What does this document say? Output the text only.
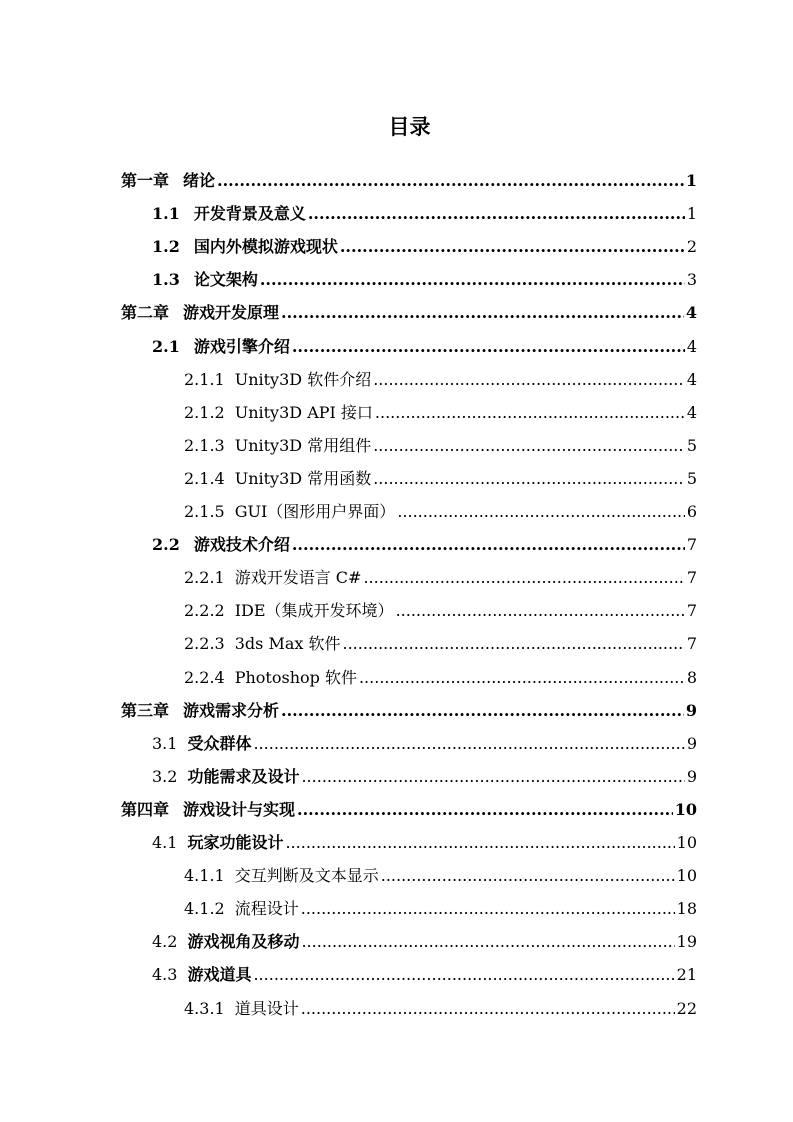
目录
第一章 绪论 .....	1
1.1 开发背景及意义 .....	1
1.2 国内外模拟游戏现状 .....	2
1.3 论文架构 .....	3
第二章 游戏开发原理 .....	4
2.1 游戏引擎介绍 .....	4
2.1.1 Unity3D 软件介绍 .....	4
2.1.2 Unity3D API 接口 .....	4
2.1.3 Unity3D 常用组件 .....	5
2.1.4 Unity3D 常用函数 .....	5
2.1.5 GUI（图形用户界面） .....	6
2.2 游戏技术介绍 .....	7
2.2.1 游戏开发语言 C# .....	7
2.2.2 IDE（集成开发环境） .....	7
2.2.3 3ds Max 软件 .....	7
2.2.4 Photoshop 软件 .....	8
第三章 游戏需求分析 .....	9
3.1 受众群体 .....	9
3.2 功能需求及设计 .....	9
第四章 游戏设计与实现 .....	10
4.1 玩家功能设计 .....	10
4.1.1 交互判断及文本显示 .....	10
4.1.2 流程设计 .....	18
4.2 游戏视角及移动 .....	19
4.3 游戏道具 .....	21
4.3.1 道具设计 .....	22
